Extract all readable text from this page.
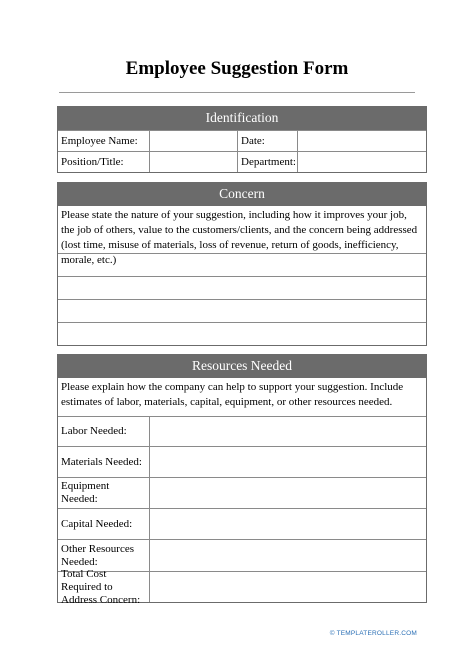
Employee Suggestion Form
Identification
Employee Name:	Date:
Position/Title:	Department:
Concern
Please state the nature of your suggestion, including how it improves your job, the job of others, value to the customers/clients, and the concern being addressed (lost time, misuse of materials, loss of revenue, return of goods, inefficiency, morale, etc.)
Resources Needed
Please explain how the company can help to support your suggestion. Include estimates of labor, materials, capital, equipment, or other resources needed.
Labor Needed:
Materials Needed:
Equipment Needed:
Capital Needed:
Other Resources Needed:
Total Cost Required to Address Concern:
© TEMPLATEROLLER.COM
